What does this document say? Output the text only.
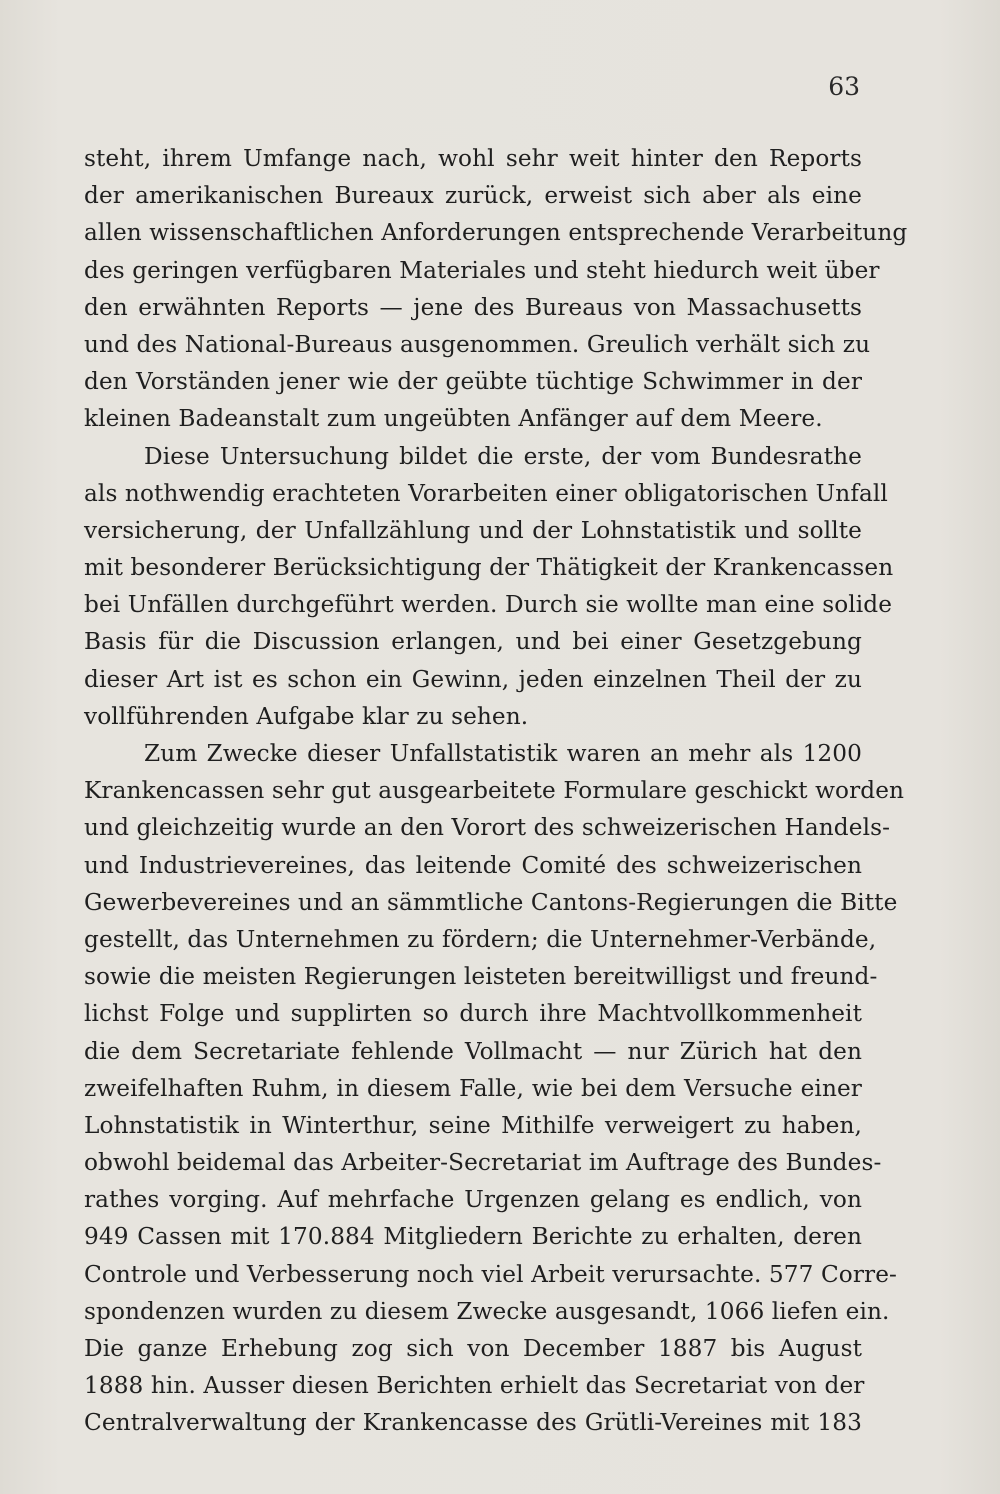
63
steht, ihrem Umfange nach, wohl sehr weit hinter den Reports
der amerikanischen Bureaux zurück, erweist sich aber als eine
allen wissenschaftlichen Anforderungen entsprechende Verarbeitung
des geringen verfügbaren Materiales und steht hiedurch weit über
den erwähnten Reports — jene des Bureaus von Massachusetts
und des National-Bureaus ausgenommen. Greulich verhält sich zu
den Vorständen jener wie der geübte tüchtige Schwimmer in der
kleinen Badeanstalt zum ungeübten Anfänger auf dem Meere.
Diese Untersuchung bildet die erste, der vom Bundesrathe
als nothwendig erachteten Vorarbeiten einer obligatorischen Unfall
versicherung, der Unfallzählung und der Lohnstatistik und sollte
mit besonderer Berücksichtigung der Thätigkeit der Krankencassen
bei Unfällen durchgeführt werden. Durch sie wollte man eine solide
Basis für die Discussion erlangen, und bei einer Gesetzgebung
dieser Art ist es schon ein Gewinn, jeden einzelnen Theil der zu
vollführenden Aufgabe klar zu sehen.
Zum Zwecke dieser Unfallstatistik waren an mehr als 1200
Krankencassen sehr gut ausgearbeitete Formulare geschickt worden
und gleichzeitig wurde an den Vorort des schweizerischen Handels-
und Industrievereines, das leitende Comité des schweizerischen
Gewerbevereines und an sämmtliche Cantons-Regierungen die Bitte
gestellt, das Unternehmen zu fördern; die Unternehmer-Verbände,
sowie die meisten Regierungen leisteten bereitwilligst und freund-
lichst Folge und supplirten so durch ihre Machtvollkommenheit
die dem Secretariate fehlende Vollmacht — nur Zürich hat den
zweifelhaften Ruhm, in diesem Falle, wie bei dem Versuche einer
Lohnstatistik in Winterthur, seine Mithilfe verweigert zu haben,
obwohl beidemal das Arbeiter-Secretariat im Auftrage des Bundes-
rathes vorging. Auf mehrfache Urgenzen gelang es endlich, von
949 Cassen mit 170.884 Mitgliedern Berichte zu erhalten, deren
Controle und Verbesserung noch viel Arbeit verursachte. 577 Corre-
spondenzen wurden zu diesem Zwecke ausgesandt, 1066 liefen ein.
Die ganze Erhebung zog sich von December 1887 bis August
1888 hin. Ausser diesen Berichten erhielt das Secretariat von der
Centralverwaltung der Krankencasse des Grütli-Vereines mit 183
